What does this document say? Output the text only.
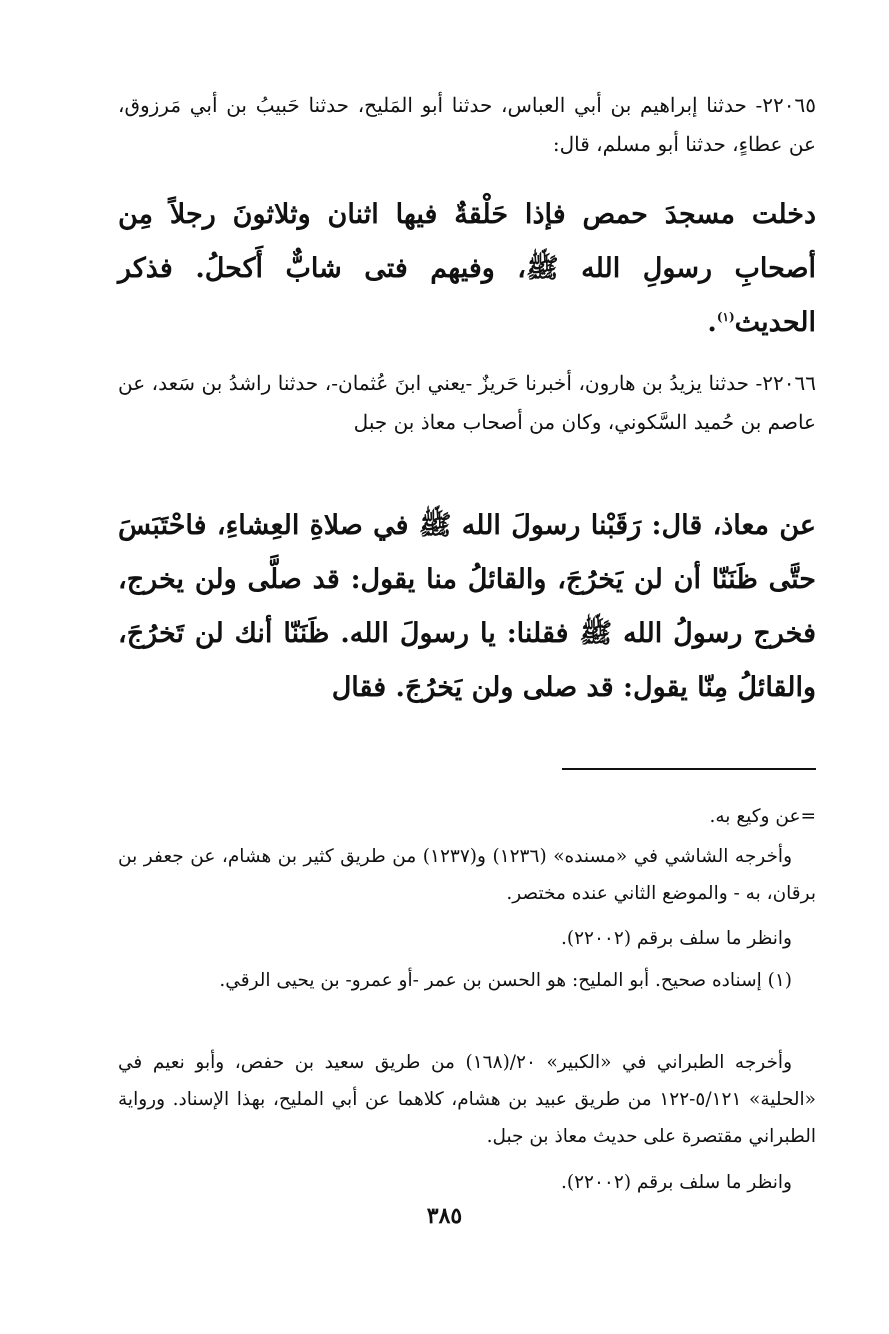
٢٢٠٦٥- حدثنا إبراهيم بن أبي العباس، حدثنا أبو المَليح، حدثنا حَبيبُ بن أبي مَرزوق، عن عطاءٍ، حدثنا أبو مسلم، قال:
دخلت مسجدَ حمص فإذا حَلْقةٌ فيها اثنان وثلاثونَ رجلاً مِن أصحابِ رسولِ الله ﷺ، وفيهم فتى شابٌّ أَكحلُ. فذكر الحديث$^{(١)}$.
٢٢٠٦٦- حدثنا يزيدُ بن هارون، أخبرنا حَريزٌ -يعني ابنَ عُثمان-، حدثنا راشدُ بن سَعد، عن عاصم بن حُميد السَّكوني، وكان من أصحاب معاذ بن جبل
عن معاذ، قال: رَقَبْنا رسولَ الله ﷺ في صلاةِ العِشاءِ، فاحْتَبَسَ حتَّى ظَنَنّا أن لن يَخرُجَ، والقائلُ منا يقول: قد صلَّى ولن يخرج، فخرج رسولُ الله ﷺ فقلنا: يا رسولَ الله. ظَنَنّا أنك لن تَخرُجَ، والقائلُ مِنّا يقول: قد صلى ولن يَخرُجَ. فقال
=عن وكيع به.
وأخرجه الشاشي في «مسنده» (١٢٣٦) و(١٢٣٧) من طريق كثير بن هشام، عن جعفر بن برقان، به - والموضع الثاني عنده مختصر.
وانظر ما سلف برقم (٢٢٠٠٢).
(١) إسناده صحيح. أبو المليح: هو الحسن بن عمر -أو عمرو- بن يحيى الرقي.
وأخرجه الطبراني في «الكبير» ٢٠/(١٦٨) من طريق سعيد بن حفص، وأبو نعيم في «الحلية» ٥/١٢١-١٢٢ من طريق عبيد بن هشام، كلاهما عن أبي المليح، بهذا الإسناد. ورواية الطبراني مقتصرة على حديث معاذ بن جبل.
وانظر ما سلف برقم (٢٢٠٠٢).
٣٨٥
